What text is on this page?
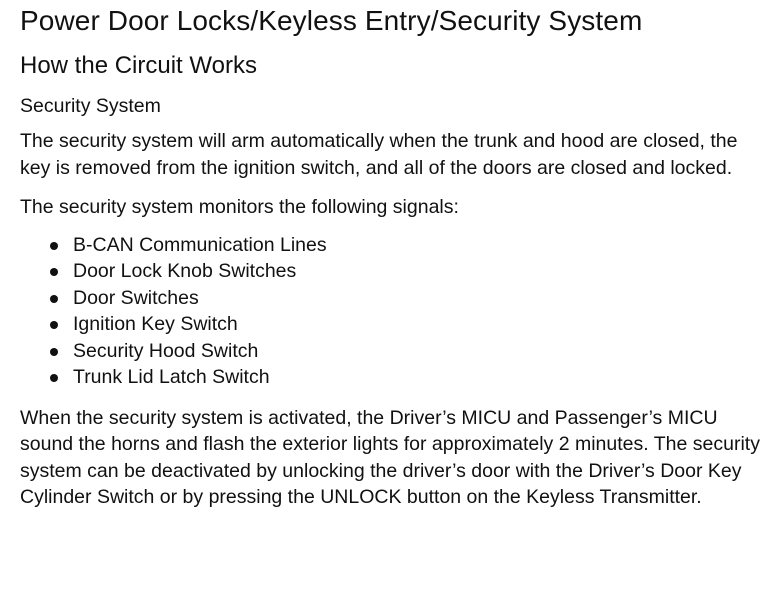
Power Door Locks/Keyless Entry/Security System
How the Circuit Works
Security System

The security system will arm automatically when the trunk and hood are closed, the key is removed from the ignition switch, and all of the doors are closed and locked.

The security system monitors the following signals:

B-CAN Communication Lines
Door Lock Knob Switches
Door Switches
Ignition Key Switch
Security Hood Switch
Trunk Lid Latch Switch

When the security system is activated, the Driver’s MICU and Passenger’s MICU sound the horns and flash the exterior lights for approximately 2 minutes. The security system can be deactivated by unlocking the driver’s door with the Driver’s Door Key Cylinder Switch or by pressing the UNLOCK button on the Keyless Transmitter.
